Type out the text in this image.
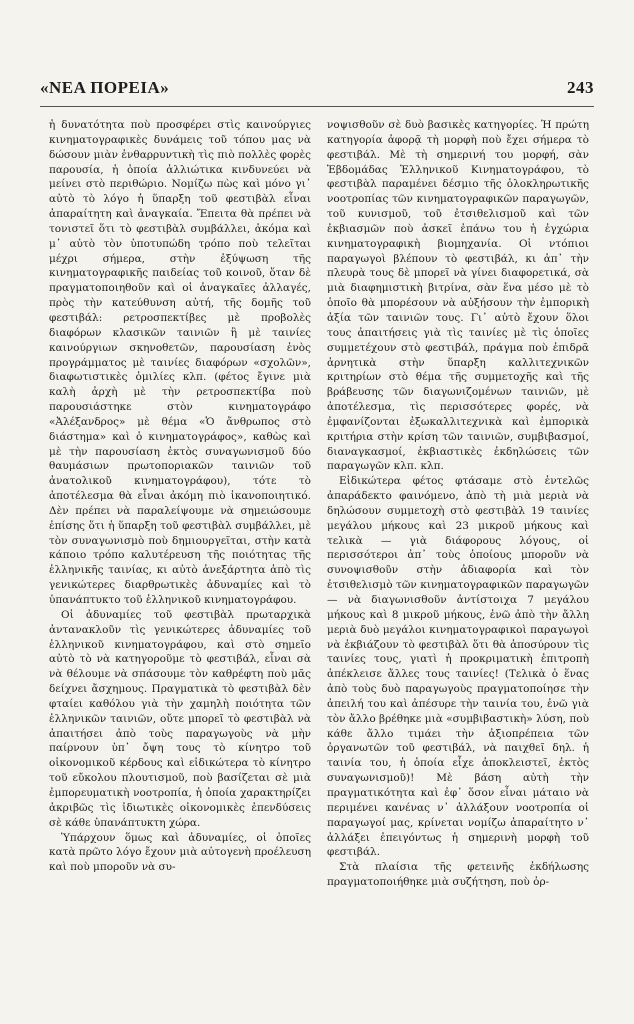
«ΝΕΑ ΠΟΡΕΙΑ»	243

ἡ δυνατότητα ποὺ προσφέρει στὶς καινούργιες κινηματογραφικὲς δυνάμεις τοῦ τόπου μας νὰ δώσουν μιὰν ἐνθαρρυντικὴ τὶς πιὸ πολλὲς φορὲς παρουσία, ἡ ὁποία ἀλλιώτικα κινδυνεύει νὰ μείνει στὸ περιθώριο. Νομίζω πὼς καὶ μόνο γι᾿ αὐτὸ τὸ λόγο ἡ ὕπαρξη τοῦ φεστιβὰλ εἶναι ἀπαραίτητη καὶ ἀναγκαία. Ἔπειτα θὰ πρέπει νὰ τονιστεῖ ὅτι τὸ φεστιβὰλ συμβάλλει, ἀκόμα καὶ μ᾿ αὐτὸ τὸν ὑποτυπώδη τρόπο ποὺ τελεῖται μέχρι σήμερα, στὴν ἐξύψωση τῆς κινηματογραφικῆς παιδείας τοῦ κοινοῦ, ὅταν δὲ πραγματοποιηθοῦν καὶ οἱ ἀναγκαῖες ἀλλαγές, πρὸς τὴν κατεύθυνση αὐτή, τῆς δομῆς τοῦ φεστιβάλ: ρετροσπεκτίβες μὲ προβολὲς διαφόρων κλασικῶν ταινιῶν ἢ μὲ ταινίες καινούργιων σκηνοθετῶν, παρουσίαση ἑνὸς προγράμματος μὲ ταινίες διαφόρων «σχολῶν», διαφωτιστικὲς ὁμιλίες κλπ. (φέτος ἔγινε μιὰ καλὴ ἀρχὴ μὲ τὴν ρετροσπεκτίβα ποὺ παρουσιάστηκε στὸν κινηματογράφο «Ἀλέξανδρος» μὲ θέμα «Ὁ ἄνθρωπος στὸ διάστημα» καὶ ὁ κινηματογράφος», καθὼς καὶ μὲ τὴν παρουσίαση ἐκτὸς συναγωνισμοῦ δύο θαυμάσιων πρωτοποριακῶν ταινιῶν τοῦ ἀνατολικοῦ κινηματογράφου), τότε τὸ ἀποτέλεσμα θὰ εἶναι ἀκόμη πιὸ ἱκανοποιητικό. Δὲν πρέπει νὰ παραλείψουμε νὰ σημειώσουμε ἐπίσης ὅτι ἡ ὕπαρξη τοῦ φεστιβὰλ συμβάλλει, μὲ τὸν συναγωνισμὸ ποὺ δημιουργεῖται, στὴν κατὰ κάποιο τρόπο καλυτέρευση τῆς ποιότητας τῆς ἑλληνικῆς ταινίας, κι αὐτὸ ἀνεξάρτητα ἀπὸ τὶς γενικώτερες διαρθρωτικὲς ἀδυναμίες καὶ τὸ ὑπανάπτυκτο τοῦ ἑλληνικοῦ κινηματογράφου.

Οἱ ἀδυναμίες τοῦ φεστιβὰλ πρωταρχικὰ ἀντανακλοῦν τὶς γενικώτερες ἀδυναμίες τοῦ ἑλληνικοῦ κινηματογράφου, καὶ στὸ σημεῖο αὐτὸ τὸ νὰ κατηγοροῦμε τὸ φεστιβάλ, εἶναι σὰ νὰ θέλουμε νὰ σπάσουμε τὸν καθρέφτη ποὺ μᾶς δείχνει ἄσχημους. Πραγματικὰ τὸ φεστιβὰλ δὲν φταίει καθόλου γιὰ τὴν χαμηλὴ ποιότητα τῶν ἑλληνικῶν ταινιῶν, οὔτε μπορεῖ τὸ φεστιβὰλ νὰ ἀπαιτήσει ἀπὸ τοὺς παραγωγοὺς νὰ μὴν παίρνουν ὑπ᾿ ὄψη τους τὸ κίνητρο τοῦ οἰκονομικοῦ κέρδους καὶ εἰδικώτερα τὸ κίνητρο τοῦ εὔκολου πλουτισμοῦ, ποὺ βασίζεται σὲ μιὰ ἐμπορευματικὴ νοοτροπία, ἡ ὁποία χαρακτηρίζει ἀκριβῶς τὶς ἰδιωτικὲς οἰκονομικὲς ἐπενδύσεις σὲ κάθε ὑπανάπτυκτη χώρα.

Ὑπάρχουν ὅμως καὶ ἀδυναμίες, οἱ ὁποῖες κατὰ πρῶτο λόγο ἔχουν μιὰ αὐτογενὴ προέλευση καὶ ποὺ μποροῦν νὰ συ-

νοψισθοῦν σὲ δυὸ βασικὲς κατηγορίες. Ἡ πρώτη κατηγορία ἀφορᾷ τὴ μορφὴ ποὺ ἔχει σήμερα τὸ φεστιβάλ. Μὲ τὴ σημερινή του μορφή, σὰν Ἑβδομάδας Ἑλληνικοῦ Κινηματογράφου, τὸ φεστιβὰλ παραμένει δέσμιο τῆς ὁλοκληρωτικῆς νοοτροπίας τῶν κινηματογραφικῶν παραγωγῶν, τοῦ κυνισμοῦ, τοῦ ἐτσιθελισμοῦ καὶ τῶν ἐκβιασμῶν ποὺ ἀσκεῖ ἐπάνω του ἡ ἐγχώρια κινηματογραφικὴ βιομηχανία. Οἱ ντόπιοι παραγωγοὶ βλέπουν τὸ φεστιβάλ, κι ἀπ᾿ τὴν πλευρὰ τους δὲ μπορεῖ νὰ γίνει διαφορετικά, σὰ μιὰ διαφημιστικὴ βιτρίνα, σὰν ἕνα μέσο μὲ τὸ ὁποῖο θὰ μπορέσουν νὰ αὐξήσουν τὴν ἐμπορικὴ ἀξία τῶν ταινιῶν τους. Γι᾿ αὐτὸ ἔχουν ὅλοι τους ἀπαιτήσεις γιὰ τὶς ταινίες μὲ τὶς ὁποῖες συμμετέχουν στὸ φεστιβάλ, πράγμα ποὺ ἐπιδρᾶ ἀρνητικὰ στὴν ὕπαρξη καλλιτεχνικῶν κριτηρίων στὸ θέμα τῆς συμμετοχῆς καὶ τῆς βράβευσης τῶν διαγωνιζομένων ταινιῶν, μὲ ἀποτέλεσμα, τὶς περισσότερες φορές, νὰ ἐμφανίζονται ἐξωκαλλιτεχνικὰ καὶ ἐμπορικὰ κριτήρια στὴν κρίση τῶν ταινιῶν, συμβιβασμοί, διαναγκασμοί, ἐκβιαστικὲς ἐκδηλώσεις τῶν παραγωγῶν κλπ. κλπ.

Εἰδικώτερα φέτος φτάσαμε στὸ ἐντελῶς ἀπαράδεκτο φαινόμενο, ἀπὸ τὴ μιὰ μεριὰ νὰ δηλώσουν συμμετοχὴ στὸ φεστιβὰλ 19 ταινίες μεγάλου μήκους καὶ 23 μικροῦ μήκους καὶ τελικὰ — γιὰ διάφορους λόγους, οἱ περισσότεροι ἀπ᾿ τοὺς ὁποίους μποροῦν νὰ συνοψισθοῦν στὴν ἀδιαφορία καὶ τὸν ἐτσιθελισμὸ τῶν κινηματογραφικῶν παραγωγῶν — νὰ διαγωνισθοῦν ἀντίστοιχα 7 μεγάλου μήκους καὶ 8 μικροῦ μήκους, ἐνῶ ἀπὸ τὴν ἄλλη μεριὰ δυὸ μεγάλοι κινηματογραφικοὶ παραγωγοὶ νὰ ἐκβιάζουν τὸ φεστιβὰλ ὅτι θὰ ἀποσύρουν τὶς ταινίες τους, γιατὶ ἡ προκριματικὴ ἐπιτροπὴ ἀπέκλεισε ἄλλες τους ταινίες! (Τελικὰ ὁ ἕνας ἀπὸ τοὺς δυὸ παραγωγοὺς πραγματοποίησε τὴν ἀπειλή του καὶ ἀπέσυρε τὴν ταινία του, ἐνῶ γιὰ τὸν ἄλλο βρέθηκε μιὰ «συμβιβαστικὴ» λύση, ποὺ κάθε ἄλλο τιμάει τὴν ἀξιοπρέπεια τῶν ὀργανωτῶν τοῦ φεστιβάλ, νὰ παιχθεῖ δηλ. ἡ ταινία του, ἡ ὁποία εἶχε ἀποκλειστεῖ, ἐκτὸς συναγωνισμοῦ)! Μὲ βάση αὐτὴ τὴν πραγματικότητα καὶ ἐφ᾿ ὅσον εἶναι μάταιο νὰ περιμένει κανένας ν᾿ ἀλλάξουν νοοτροπία οἱ παραγωγοί μας, κρίνεται νομίζω ἀπαραίτητο ν᾿ ἀλλάξει ἐπειγόντως ἡ σημερινὴ μορφὴ τοῦ φεστιβάλ.

Στὰ πλαίσια τῆς φετεινῆς ἐκδήλωσης πραγματοποιήθηκε μιὰ συζήτηση, ποὺ ὀρ-
